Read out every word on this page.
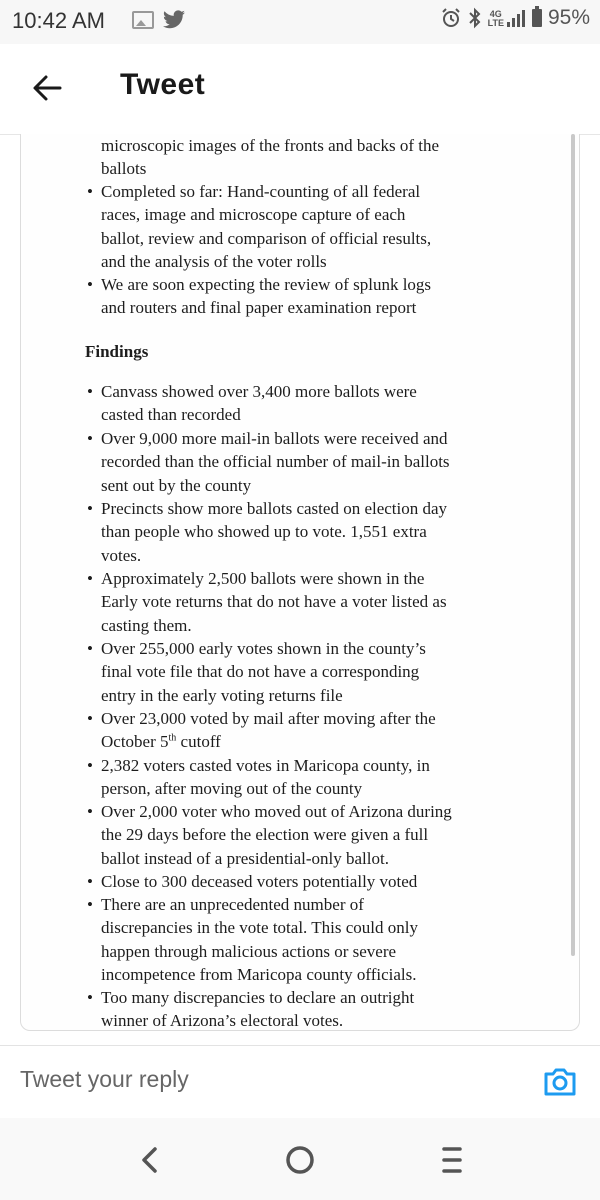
10:42 AM	4G
LTE 95%
Tweet
microscopic images of the fronts and backs of the
ballots
• Completed so far: Hand-counting of all federal
races, image and microscope capture of each
ballot, review and comparison of official results,
and the analysis of the voter rolls
• We are soon expecting the review of splunk logs
and routers and final paper examination report
Findings
• Canvass showed over 3,400 more ballots were
casted than recorded
• Over 9,000 more mail-in ballots were received and
recorded than the official number of mail-in ballots
sent out by the county
• Precincts show more ballots casted on election day
than people who showed up to vote. 1,551 extra
votes.
• Approximately 2,500 ballots were shown in the
Early vote returns that do not have a voter listed as
casting them.
• Over 255,000 early votes shown in the county’s
final vote file that do not have a corresponding
entry in the early voting returns file
• Over 23,000 voted by mail after moving after the
October 5th cutoff
• 2,382 voters casted votes in Maricopa county, in
person, after moving out of the county
• Over 2,000 voter who moved out of Arizona during
the 29 days before the election were given a full
ballot instead of a presidential-only ballot.
• Close to 300 deceased voters potentially voted
• There are an unprecedented number of
discrepancies in the vote total. This could only
happen through malicious actions or severe
incompetence from Maricopa county officials.
• Too many discrepancies to declare an outright
winner of Arizona’s electoral votes.
Tweet your reply
